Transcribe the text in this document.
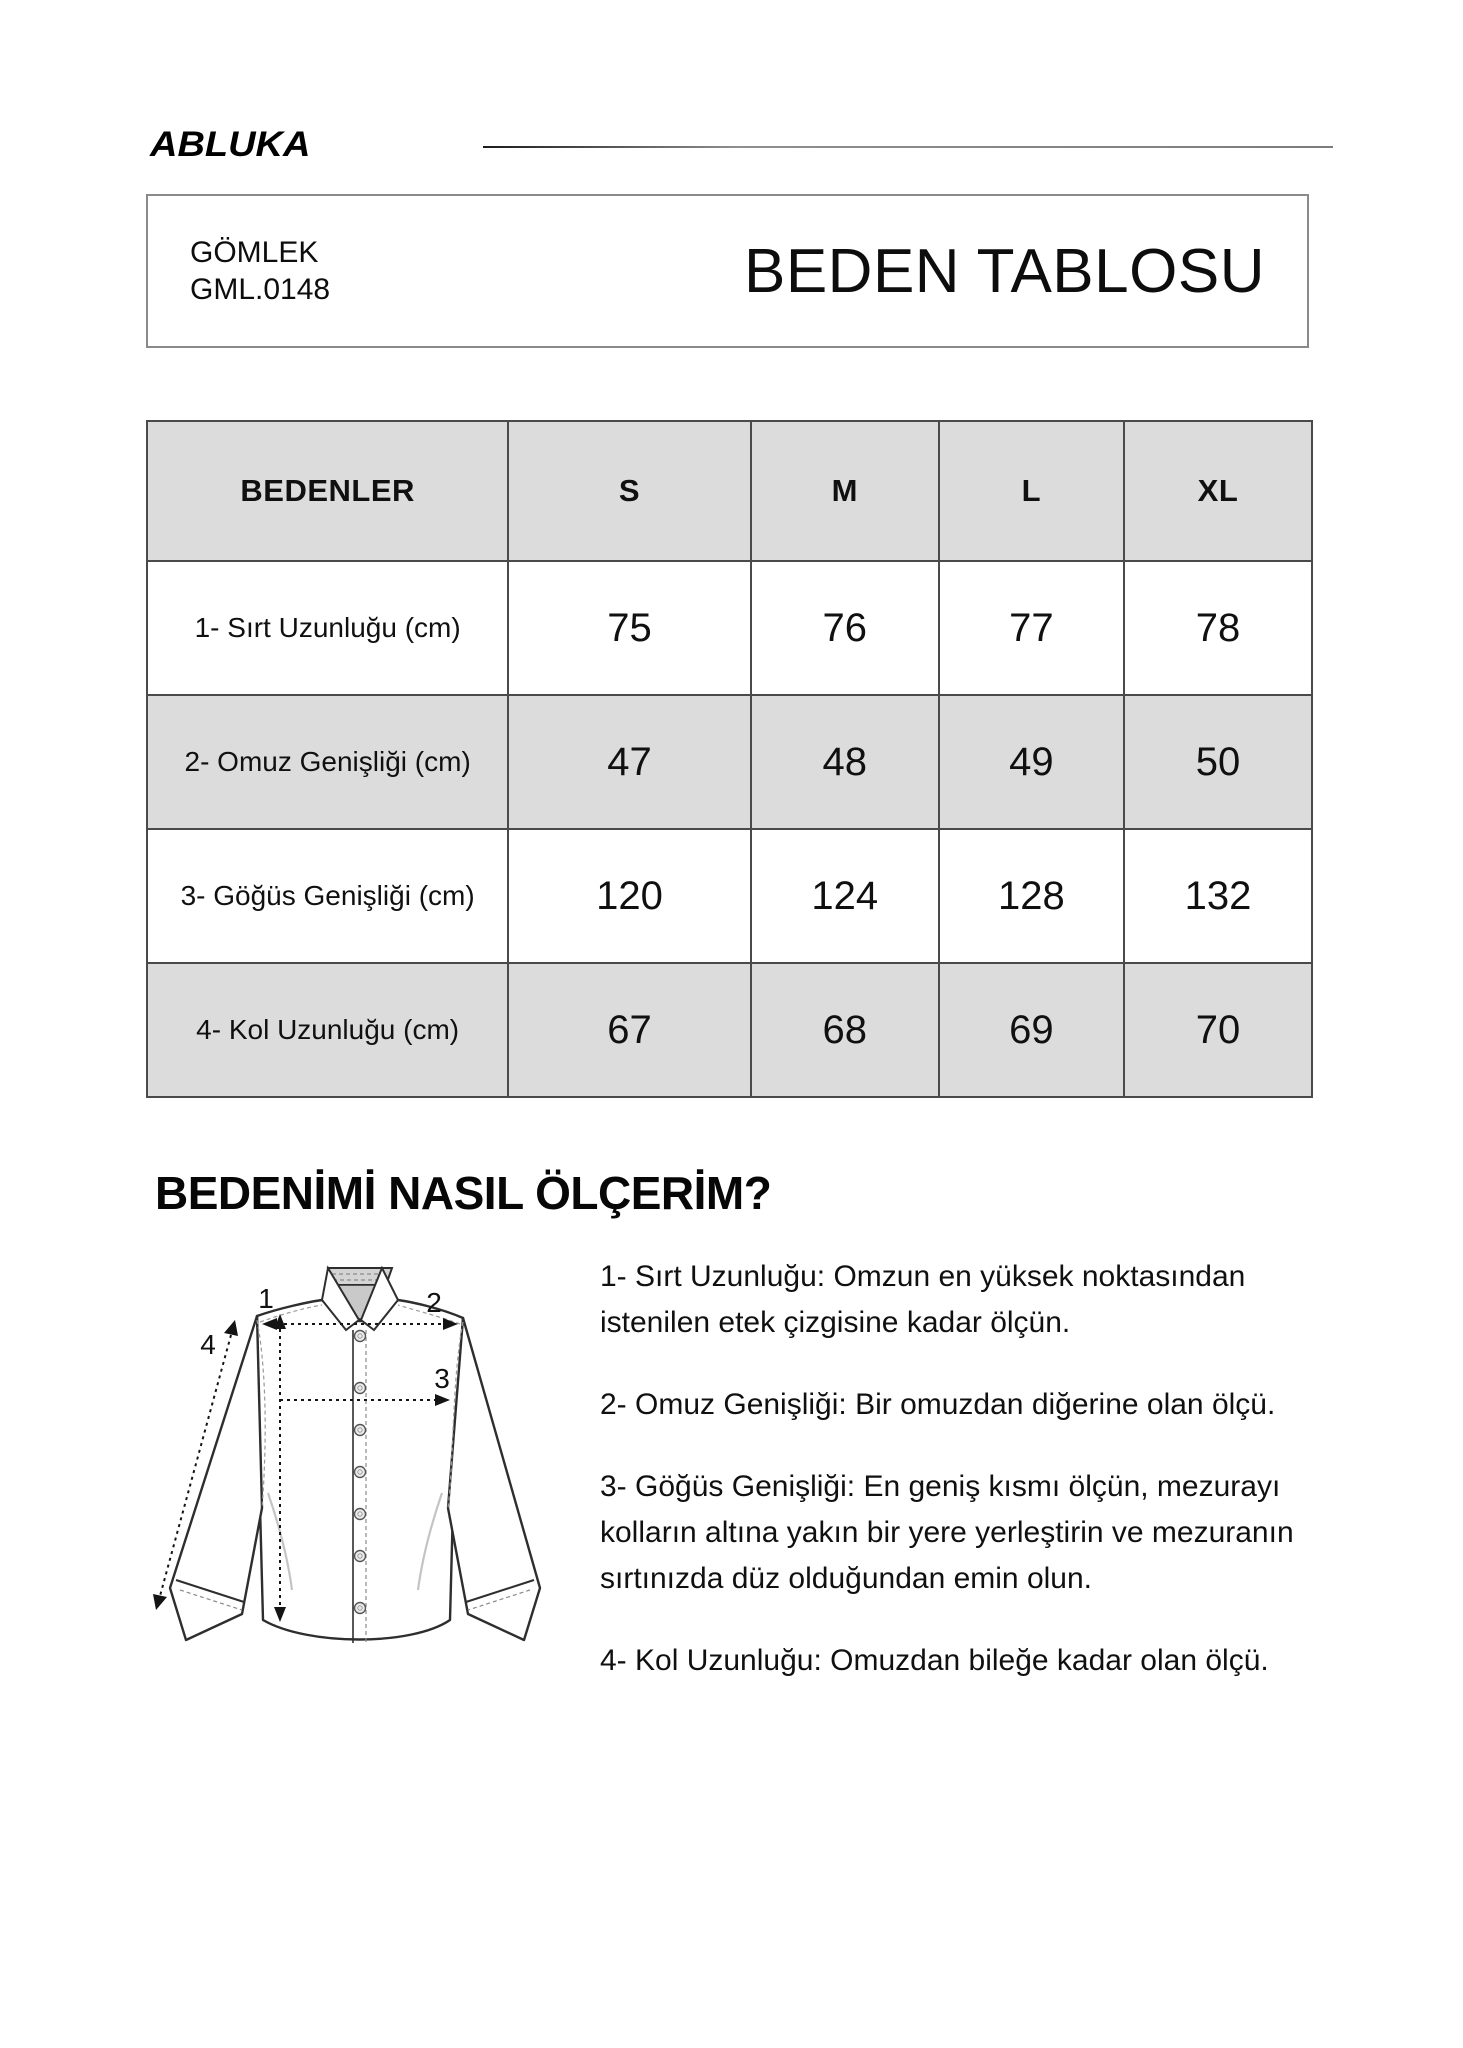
ABLUKA
GÖMLEK
GML.0148	BEDEN TABLOSU
BEDENLER	S	M	L	XL
1- Sırt Uzunluğu (cm)	75	76	77	78
2- Omuz Genişliği (cm)	47	48	49	50
3- Göğüs Genişliği (cm)	120	124	128	132
4- Kol Uzunluğu (cm)	67	68	69	70
BEDENİMİ NASIL ÖLÇERİM?
1	2
3
4

1- Sırt Uzunluğu: Omzun en yüksek noktasından istenilen etek çizgisine kadar ölçün.

2- Omuz Genişliği: Bir omuzdan diğerine olan ölçü.

3- Göğüs Genişliği: En geniş kısmı ölçün, mezurayı kolların altına yakın bir yere yerleştirin ve mezuranın sırtınızda düz olduğundan emin olun.

4- Kol Uzunluğu: Omuzdan bileğe kadar olan ölçü.
